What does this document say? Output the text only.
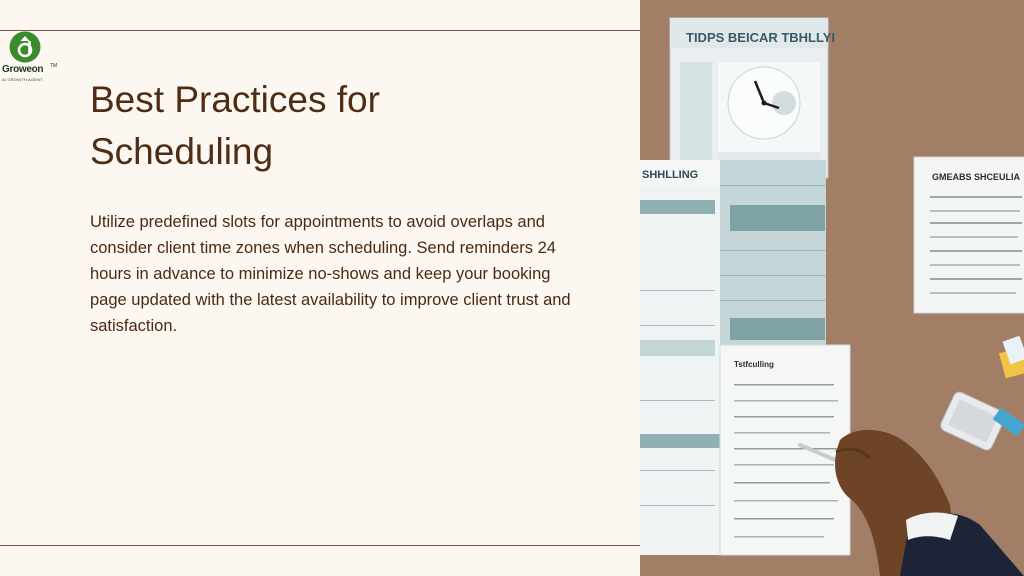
Groweon	TM
AI GROWTH AGENT	Best Practices for
Scheduling

Utilize predefined slots for appointments to avoid overlaps and consider client time zones when scheduling. Send reminders 24 hours in advance to minimize no-shows and keep your booking page updated with the latest availability to improve client trust and satisfaction.

TIDPS BEICAR TBHLLYI
SHHLLING	GMEABS SHCEULIA
Tstfculling
